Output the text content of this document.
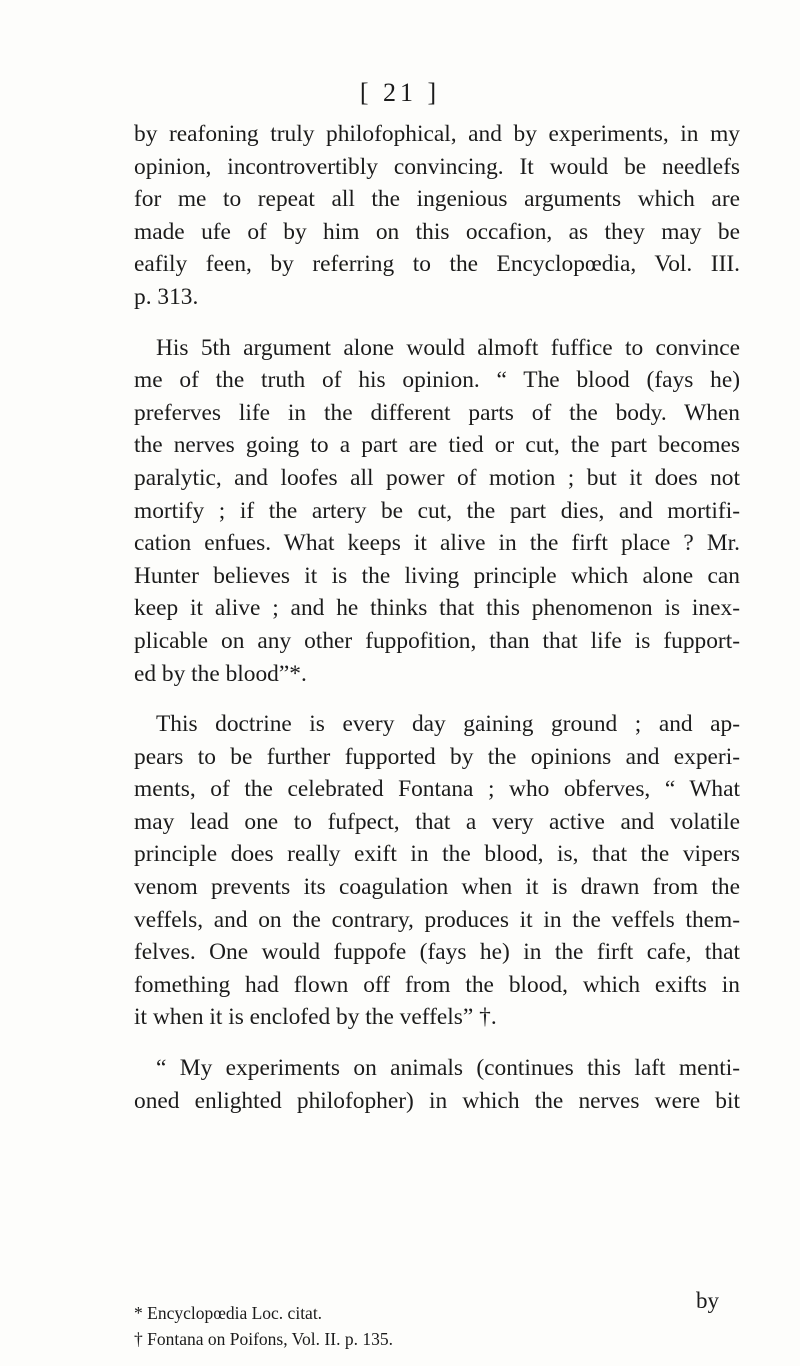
[ 21 ]
by reafoning truly philofophical, and by experiments, in my
opinion, incontrovertibly convincing. It would be needlefs
for me to repeat all the ingenious arguments which are
made ufe of by him on this occafion, as they may be
eafily feen, by referring to the Encyclopœdia, Vol. III.
p. 313.
His 5th argument alone would almoft fuffice to convince
me of the truth of his opinion. “ The blood (fays he)
preferves life in the different parts of the body. When
the nerves going to a part are tied or cut, the part becomes
paralytic, and loofes all power of motion ; but it does not
mortify ; if the artery be cut, the part dies, and mortifi-
cation enfues. What keeps it alive in the firft place ? Mr.
Hunter believes it is the living principle which alone can
keep it alive ; and he thinks that this phenomenon is inex-
plicable on any other fuppofition, than that life is fupport-
ed by the blood”*.
This doctrine is every day gaining ground ; and ap-
pears to be further fupported by the opinions and experi-
ments, of the celebrated Fontana ; who obferves, “ What
may lead one to fufpect, that a very active and volatile
principle does really exift in the blood, is, that the vipers
venom prevents its coagulation when it is drawn from the
veffels, and on the contrary, produces it in the veffels them-
felves. One would fuppofe (fays he) in the firft cafe, that
fomething had flown off from the blood, which exifts in
it when it is enclofed by the veffels” †.
“ My experiments on animals (continues this laft menti-
oned enlighted philofopher) in which the nerves were bit
by
* Encyclopœdia Loc. citat.
† Fontana on Poifons, Vol. II. p. 135.
